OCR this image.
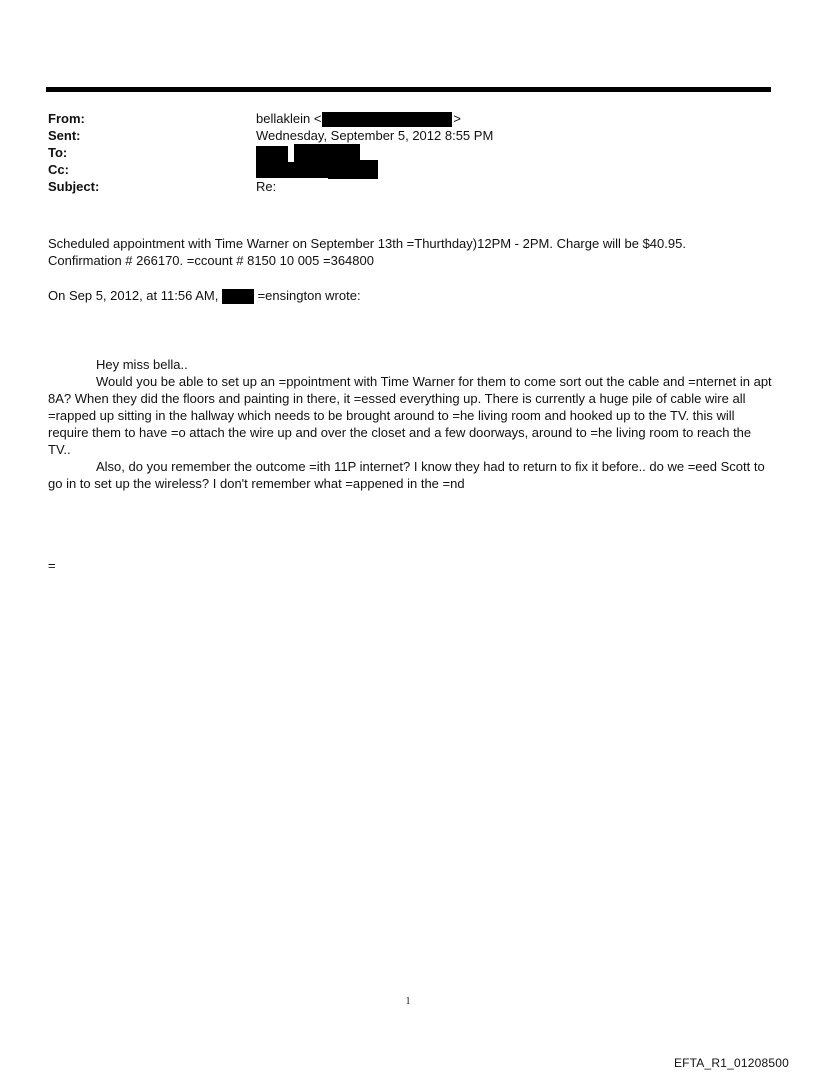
From:	bellaklein <	>
Sent:	Wednesday, September 5, 2012 8:55 PM
To:
Cc:
Subject:	Re:
Scheduled appointment with Time Warner on September 13th =Thurthday)12PM - 2PM. Charge will be $40.95.
Confirmation # 266170. =ccount # 8150 10 005 =364800
On Sep 5, 2012, at 11:56 AM,	=ensington wrote:

Hey miss bella..

Would you be able to set up an =ppointment with Time Warner for them to come sort out the cable and =nternet in apt 8A? When they did the floors and painting in there, it =essed everything up. There is currently a huge pile of cable wire all =rapped up sitting in the hallway which needs to be brought around to =he living room and hooked up to the TV. this will require them to have =o attach the wire up and over the closet and a few doorways, around to =he living room to reach the TV..

Also, do you remember the outcome =ith 11P internet? I know they had to return to fix it before.. do we =eed Scott to go in to set up the wireless? I don't remember what =appened in the =nd

=
1
EFTA_R1_01208500
